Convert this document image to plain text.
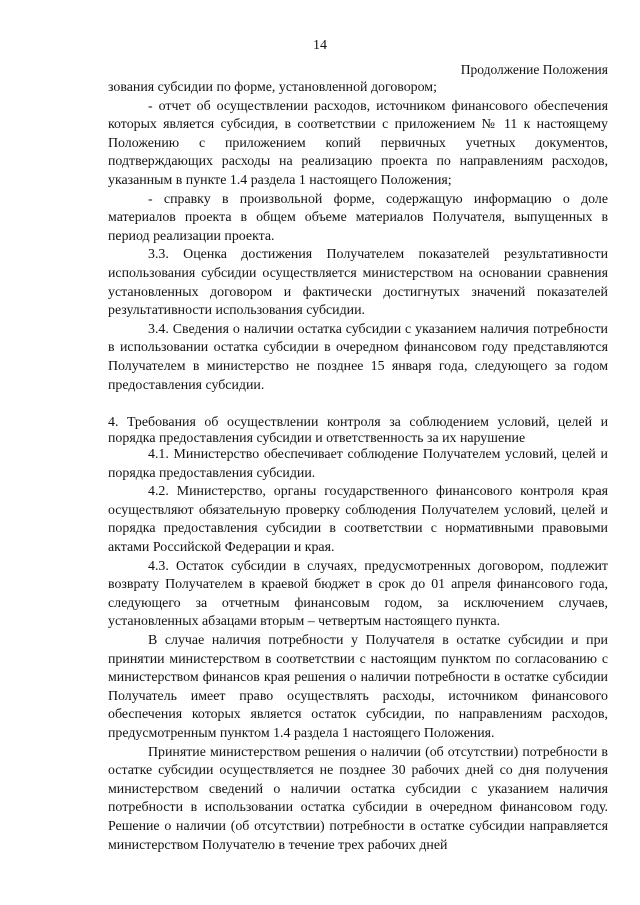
14
Продолжение Положения

зования субсидии по форме, установленной договором;

- отчет об осуществлении расходов, источником финансового обеспечения которых является субсидия, в соответствии с приложением № 11 к настоящему Положению с приложением копий первичных учетных документов, подтверждающих расходы на реализацию проекта по направлениям расходов, указанным в пункте 1.4 раздела 1 настоящего Положения;

- справку в произвольной форме, содержащую информацию о доле материалов проекта в общем объеме материалов Получателя, выпущенных в период реализации проекта.

3.3. Оценка достижения Получателем показателей результативности использования субсидии осуществляется министерством на основании сравнения установленных договором и фактически достигнутых значений показателей результативности использования субсидии.

3.4. Сведения о наличии остатка субсидии с указанием наличия потребности в использовании остатка субсидии в очередном финансовом году представляются Получателем в министерство не позднее 15 января года, следующего за годом предоставления субсидии.

4. Требования об осуществлении контроля за соблюдением условий, целей и порядка предоставления субсидии и ответственность за их нарушение

4.1. Министерство обеспечивает соблюдение Получателем условий, целей и порядка предоставления субсидии.

4.2. Министерство, органы государственного финансового контроля края осуществляют обязательную проверку соблюдения Получателем условий, целей и порядка предоставления субсидии в соответствии с нормативными правовыми актами Российской Федерации и края.

4.3. Остаток субсидии в случаях, предусмотренных договором, подлежит возврату Получателем в краевой бюджет в срок до 01 апреля финансового года, следующего за отчетным финансовым годом, за исключением случаев, установленных абзацами вторым – четвертым настоящего пункта.

В случае наличия потребности у Получателя в остатке субсидии и при принятии министерством в соответствии с настоящим пунктом по согласованию с министерством финансов края решения о наличии потребности в остатке субсидии Получатель имеет право осуществлять расходы, источником финансового обеспечения которых является остаток субсидии, по направлениям расходов, предусмотренным пунктом 1.4 раздела 1 настоящего Положения.

Принятие министерством решения о наличии (об отсутствии) потребности в остатке субсидии осуществляется не позднее 30 рабочих дней со дня получения министерством сведений о наличии остатка субсидии с указанием наличия потребности в использовании остатка субсидии в очередном финансовом году. Решение о наличии (об отсутствии) потребности в остатке субсидии направляется министерством Получателю в течение трех рабочих дней
